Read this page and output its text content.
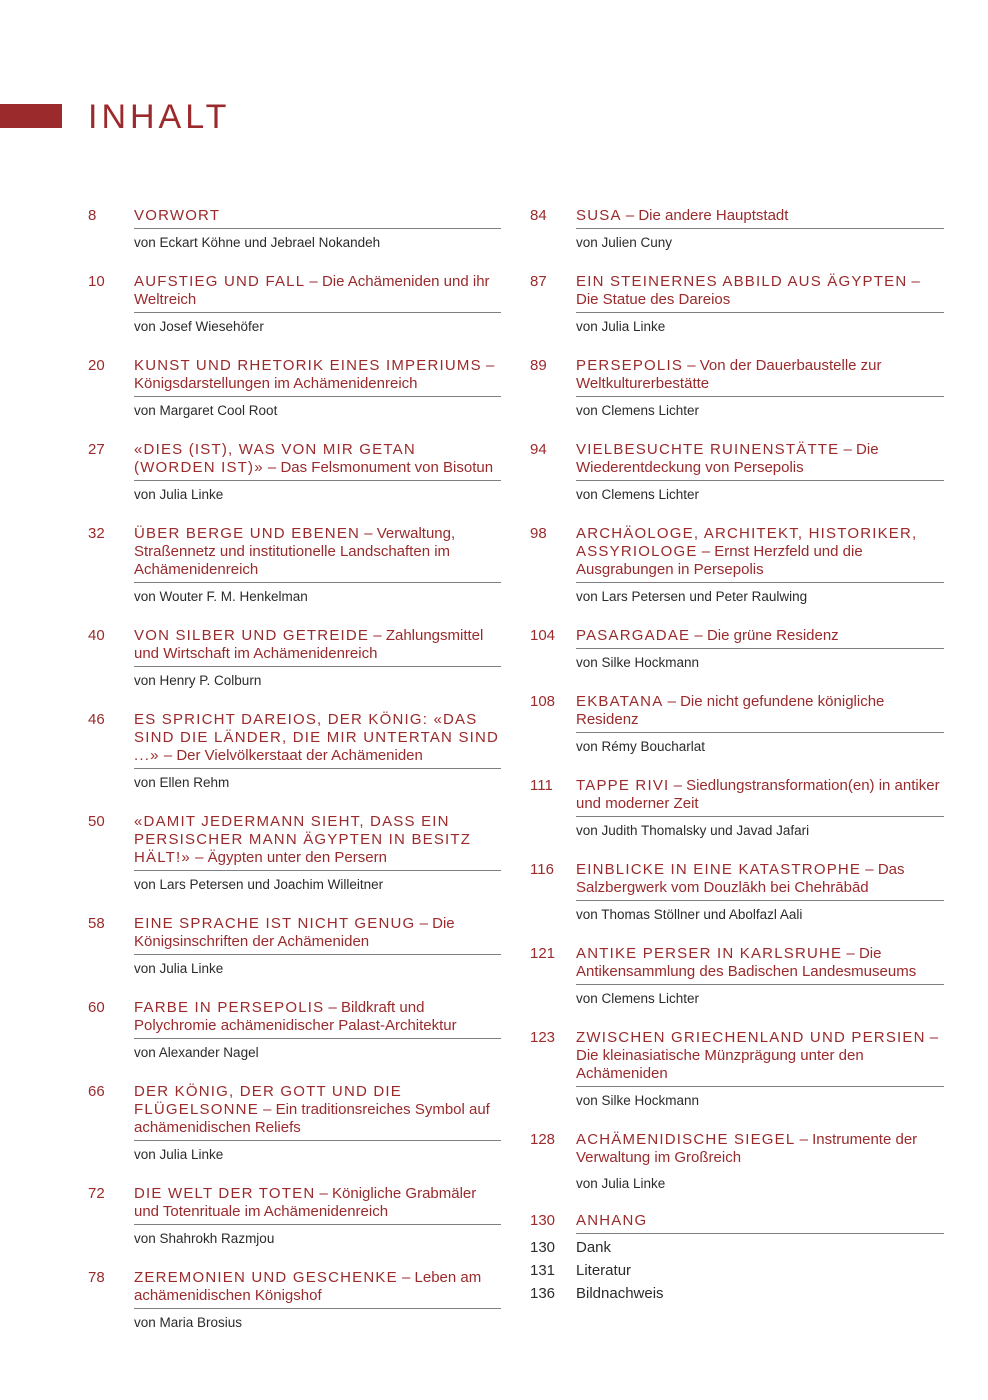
INHALT
8	VORWORT
von Eckart Köhne und Jebrael Nokandeh
10	AUFSTIEG UND FALL – Die Achämeniden und ihr Weltreich
von Josef Wiesehöfer
20	KUNST UND RHETORIK EINES IMPERIUMS – Königsdarstellungen im Achämenidenreich
von Margaret Cool Root
27	«DIES (IST), WAS VON MIR GETAN (WORDEN IST)» – Das Felsmonument von Bisotun
von Julia Linke
32	ÜBER BERGE UND EBENEN – Verwaltung, Straßennetz und institutionelle Landschaften im Achämenidenreich
von Wouter F. M. Henkelman
40	VON SILBER UND GETREIDE – Zahlungsmittel und Wirtschaft im Achämenidenreich
von Henry P. Colburn
46	ES SPRICHT DAREIOS, DER KÖNIG: «DAS SIND DIE LÄNDER, DIE MIR UNTERTAN SIND ...» – Der Vielvölkerstaat der Achämeniden
von Ellen Rehm
50	«DAMIT JEDERMANN SIEHT, DASS EIN PERSISCHER MANN ÄGYPTEN IN BESITZ HÄLT!» – Ägypten unter den Persern
von Lars Petersen und Joachim Willeitner
58	EINE SPRACHE IST NICHT GENUG – Die Königsinschriften der Achämeniden
von Julia Linke
60	FARBE IN PERSEPOLIS – Bildkraft und Polychromie achämenidischer Palast-Architektur
von Alexander Nagel
66	DER KÖNIG, DER GOTT UND DIE FLÜGELSONNE – Ein traditionsreiches Symbol auf achämenidischen Reliefs
von Julia Linke
72	DIE WELT DER TOTEN – Königliche Grabmäler und Totenrituale im Achämenidenreich
von Shahrokh Razmjou
78	ZEREMONIEN UND GESCHENKE – Leben am achämenidischen Königshof
von Maria Brosius
84	SUSA – Die andere Hauptstadt
von Julien Cuny
87	EIN STEINERNES ABBILD AUS ÄGYPTEN – Die Statue des Dareios
von Julia Linke
89	PERSEPOLIS – Von der Dauerbaustelle zur Weltkulturerbestätte
von Clemens Lichter
94	VIELBESUCHTE RUINENSTÄTTE – Die Wiederentdeckung von Persepolis
von Clemens Lichter
98	ARCHÄOLOGE, ARCHITEKT, HISTORIKER, ASSYRIOLOGE – Ernst Herzfeld und die Ausgrabungen in Persepolis
von Lars Petersen und Peter Raulwing
104	PASARGADAE – Die grüne Residenz
von Silke Hockmann
108	EKBATANA – Die nicht gefundene königliche Residenz
von Rémy Boucharlat
111	TAPPE RIVI – Siedlungstransformation(en) in antiker und moderner Zeit
von Judith Thomalsky und Javad Jafari
116	EINBLICKE IN EINE KATASTROPHE – Das Salzbergwerk vom Douzlākh bei Chehrābād
von Thomas Stöllner und Abolfazl Aali
121	ANTIKE PERSER IN KARLSRUHE – Die Antikensammlung des Badischen Landesmuseums
von Clemens Lichter
123	ZWISCHEN GRIECHENLAND UND PERSIEN – Die kleinasiatische Münzprägung unter den Achämeniden
von Silke Hockmann
128	ACHÄMENIDISCHE SIEGEL – Instrumente der Verwaltung im Großreich
von Julia Linke
130	ANHANG
130	Dank
131	Literatur
136	Bildnachweis
